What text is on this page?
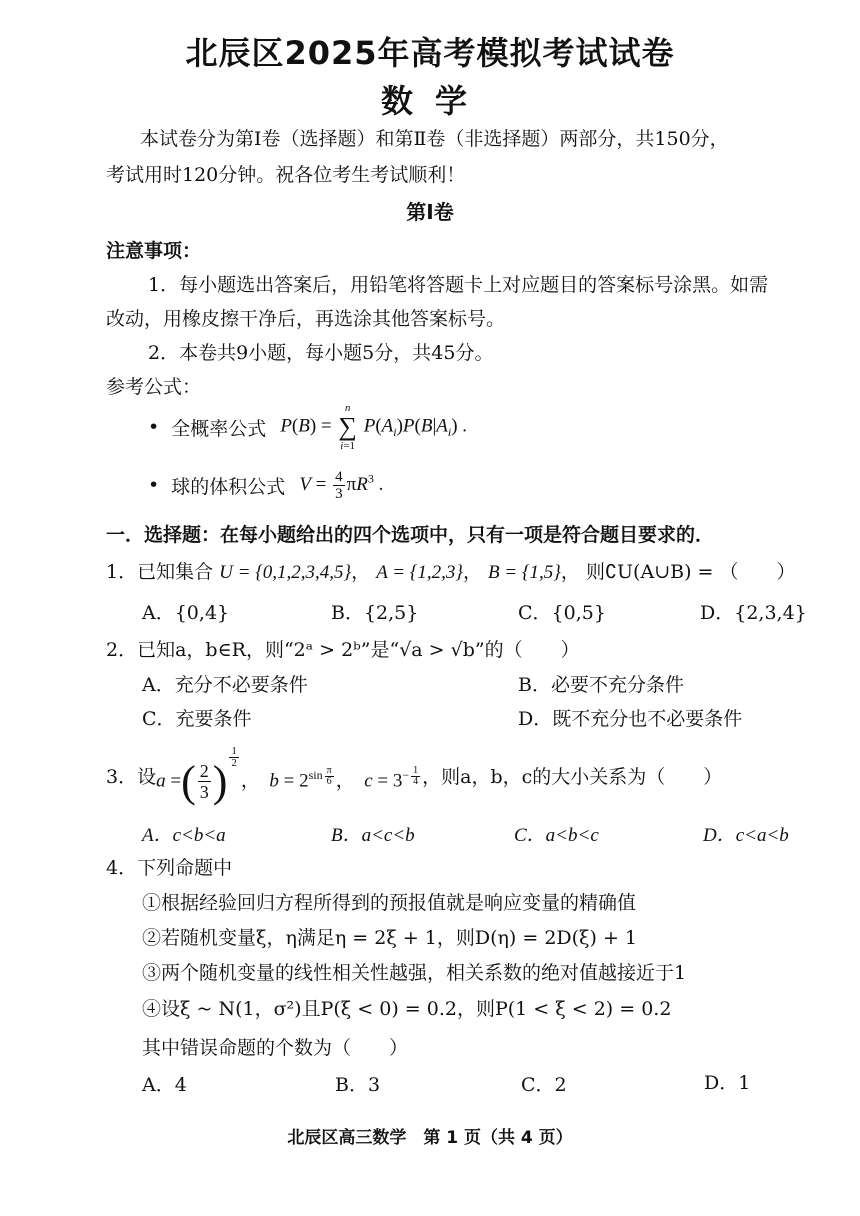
北辰区2025年高考模拟考试试卷
数学
本试卷分为第Ⅰ卷（选择题）和第Ⅱ卷（非选择题）两部分，共150分，
考试用时120分钟。祝各位考生考试顺利！
第Ⅰ卷
注意事项：
1．每小题选出答案后，用铅笔将答题卡上对应题目的答案标号涂黑。如需
改动，用橡皮擦干净后，再选涂其他答案标号。
2．本卷共9小题，每小题5分，共45分。
参考公式：
• 全概率公式 P(B) =
n
∑
i=1
$P(A_i)P(B|A_i)$ .
• 球的体积公式 $V = \frac{4}{3} \pi R^3$ .
一．选择题：在每小题给出的四个选项中，只有一项是符合题目要求的．
1．已知集合 U = {0,1,2,3,4,5}， A = {1,2,3}， B = {1,5}， 则∁U(A∪B) = （　　）
A．{0,4}	B．{2,5}	C．{0,5}	D．{2,3,4}
2．已知a，b∈R，则“2ᵃ > 2ᵇ”是“√a > √b”的（　　）
A．充分不必要条件	B．必要不充分条件
C．充要条件	D．既不充分也不必要条件
3． 设 a =( $\frac{2}{3}$ ) $^{\frac{1}{2}}$
，  $b = 2^{sin \frac{\pi}{6}}$ ，  $c = 3^{- \frac{1}{4}}$ ，则a，b，c的大小关系为（　　）
A．c<b<a	B．a<c<b	C．a<b<c	D．c<a<b
4．下列命题中
①根据经验回归方程所得到的预报值就是响应变量的精确值
②若随机变量ξ，η满足η = 2ξ + 1，则D(η) = 2D(ξ) + 1
③两个随机变量的线性相关性越强，相关系数的绝对值越接近于1
④设ξ ~ N(1，σ²)且P(ξ < 0) = 0.2，则P(1 < ξ < 2) = 0.2
其中错误命题的个数为（　　）
A．4	B．3	C．2	D．1
北辰区高三数学　第 1 页（共 4 页）
